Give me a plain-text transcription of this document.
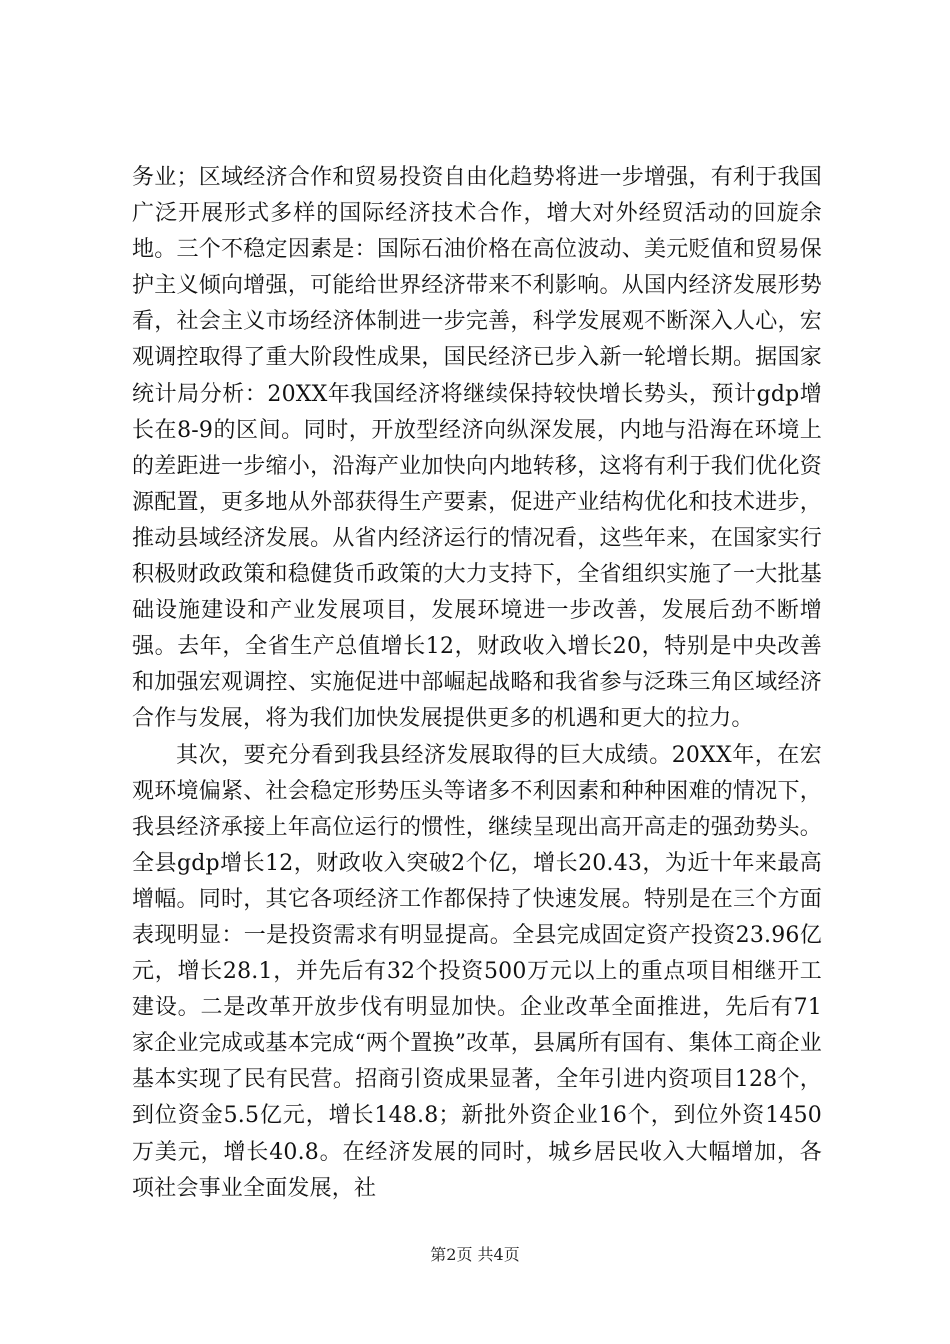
务业；区域经济合作和贸易投资自由化趋势将进一步增强，有利于我国广泛开展形式多样的国际经济技术合作，增大对外经贸活动的回旋余地。三个不稳定因素是：国际石油价格在高位波动、美元贬值和贸易保护主义倾向增强，可能给世界经济带来不利影响。从国内经济发展形势看，社会主义市场经济体制进一步完善，科学发展观不断深入人心，宏观调控取得了重大阶段性成果，国民经济已步入新一轮增长期。据国家统计局分析：20XX年我国经济将继续保持较快增长势头，预计gdp增长在8-9的区间。同时，开放型经济向纵深发展，内地与沿海在环境上的差距进一步缩小，沿海产业加快向内地转移，这将有利于我们优化资源配置，更多地从外部获得生产要素，促进产业结构优化和技术进步，推动县域经济发展。从省内经济运行的情况看，这些年来，在国家实行积极财政政策和稳健货币政策的大力支持下，全省组织实施了一大批基础设施建设和产业发展项目，发展环境进一步改善，发展后劲不断增强。去年，全省生产总值增长12，财政收入增长20，特别是中央改善和加强宏观调控、实施促进中部崛起战略和我省参与泛珠三角区域经济合作与发展，将为我们加快发展提供更多的机遇和更大的拉力。

其次，要充分看到我县经济发展取得的巨大成绩。20XX年，在宏观环境偏紧、社会稳定形势压头等诸多不利因素和种种困难的情况下，我县经济承接上年高位运行的惯性，继续呈现出高开高走的强劲势头。全县gdp增长12，财政收入突破2个亿，增长20.43，为近十年来最高增幅。同时，其它各项经济工作都保持了快速发展。特别是在三个方面表现明显：一是投资需求有明显提高。全县完成固定资产投资23.96亿元，增长28.1，并先后有32个投资500万元以上的重点项目相继开工建设。二是改革开放步伐有明显加快。企业改革全面推进，先后有71家企业完成或基本完成“两个置换”改革，县属所有国有、集体工商企业基本实现了民有民营。招商引资成果显著，全年引进内资项目128个，到位资金5.5亿元，增长148.8；新批外资企业16个，到位外资1450万美元，增长40.8。在经济发展的同时，城乡居民收入大幅增加，各项社会事业全面发展，社

第2页 共4页
